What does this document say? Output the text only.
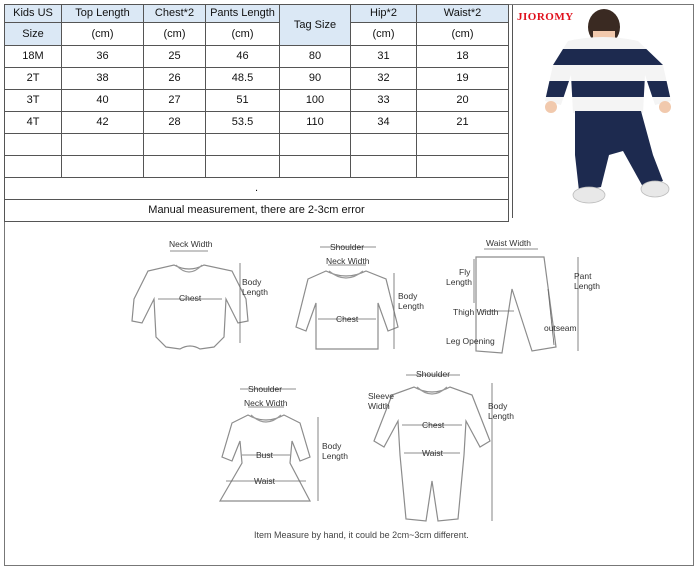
Kids US	Top Length	Chest*2	Pants Length	Tag Size	Hip*2	Waist*2
Size	(cm)	(cm)	(cm)		(cm)	(cm)
18M	36	25	46	80	31	18
2T	38	26	48.5	90	32	19
3T	40	27	51	100	33	20
4T	42	28	53.5	110	34	21

.						
Manual measurement, there are 2-3cm error						
JIOROMY
Neck Width
Chest
Body
Length
Shoulder
Neck Width
Chest
Body
Length
Waist Width
Fly
Length
Pant
Length
Thigh Width
outseam
Leg Opening
Shoulder
Neck Width
Bust
Waist
Body
Length
Shoulder
Sleeve
Width
Chest
Waist
Body
Length
Item Measure by hand, it could be 2cm~3cm different.
